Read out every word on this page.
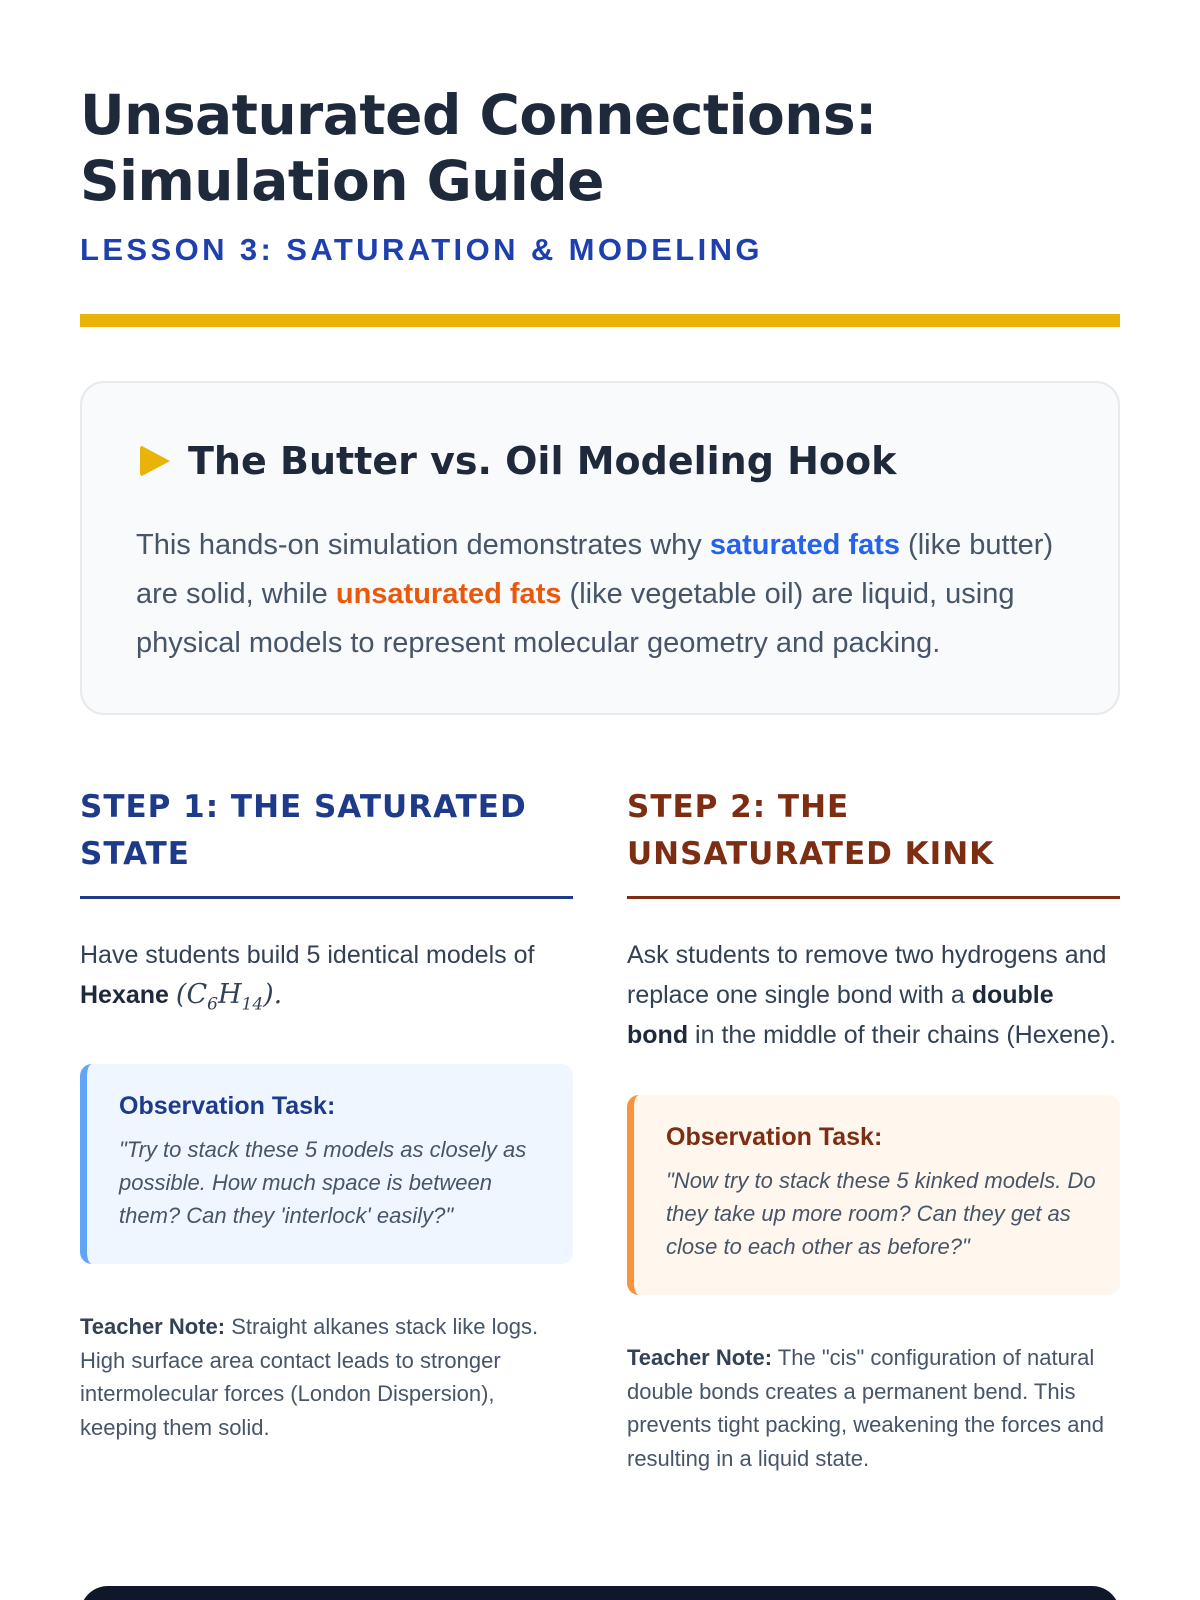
Unsaturated Connections:
Simulation Guide
LESSON 3: SATURATION & MODELING
The Butter vs. Oil Modeling Hook

This hands-on simulation demonstrates why saturated fats (like butter) are solid, while unsaturated fats (like vegetable oil) are liquid, using physical models to represent molecular geometry and packing.

STEP 1: THE SATURATED STATE

Have students build 5 identical models of Hexane $(C_6H_{14})$.

Observation Task:

"Try to stack these 5 models as closely as possible. How much space is between them? Can they 'interlock' easily?"

Teacher Note: Straight alkanes stack like logs. High surface area contact leads to stronger intermolecular forces (London Dispersion), keeping them solid.

STEP 2: THE UNSATURATED KINK

Ask students to remove two hydrogens and replace one single bond with a double bond in the middle of their chains (Hexene).

Observation Task:

"Now try to stack these 5 kinked models. Do they take up more room? Can they get as close to each other as before?"

Teacher Note: The "cis" configuration of natural double bonds creates a permanent bend. This prevents tight packing, weakening the forces and resulting in a liquid state.
